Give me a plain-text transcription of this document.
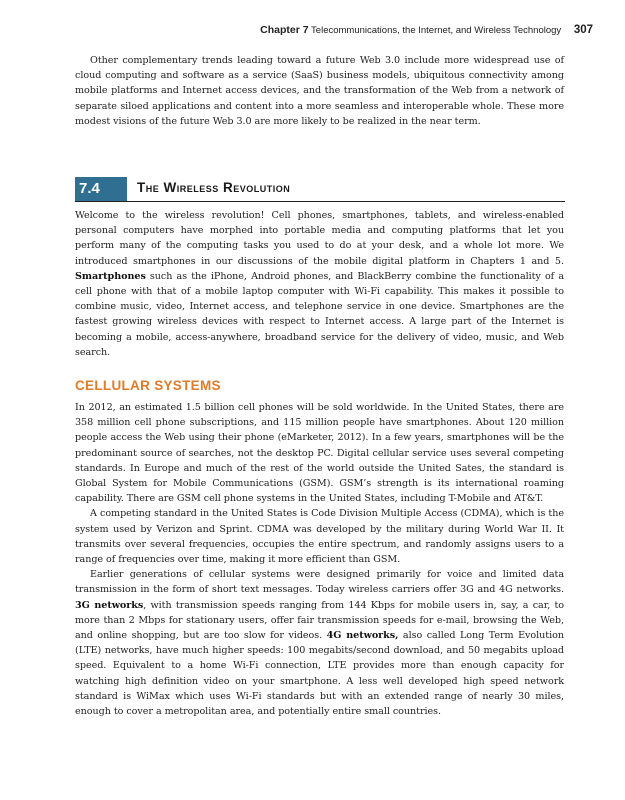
Chapter 7 Telecommunications, the Internet, and Wireless Technology 307

Other complementary trends leading toward a future Web 3.0 include more widespread use of cloud computing and software as a service (SaaS) business models, ubiquitous connectivity among mobile platforms and Internet access devices, and the transformation of the Web from a network of separate siloed applications and content into a more seamless and interoperable whole. These more modest visions of the future Web 3.0 are more likely to be realized in the near term.

7.4	The Wireless Revolution

Welcome to the wireless revolution! Cell phones, smartphones, tablets, and wireless-enabled personal computers have morphed into portable media and computing platforms that let you perform many of the computing tasks you used to do at your desk, and a whole lot more. We introduced smartphones in our discussions of the mobile digital platform in Chapters 1 and 5. Smartphones such as the iPhone, Android phones, and BlackBerry combine the functionality of a cell phone with that of a mobile laptop computer with Wi-Fi capability. This makes it possible to combine music, video, Internet access, and telephone service in one device. Smartphones are the fastest growing wireless devices with respect to Internet access. A large part of the Internet is becoming a mobile, access-anywhere, broadband service for the delivery of video, music, and Web search.

CELLULAR SYSTEMS

In 2012, an estimated 1.5 billion cell phones will be sold worldwide. In the United States, there are 358 million cell phone subscriptions, and 115 million people have smartphones. About 120 million people access the Web using their phone (eMarketer, 2012). In a few years, smartphones will be the predominant source of searches, not the desktop PC. Digital cellular service uses several competing standards. In Europe and much of the rest of the world outside the United Sates, the standard is Global System for Mobile Communications (GSM). GSM’s strength is its international roaming capability. There are GSM cell phone systems in the United States, including T-Mobile and AT&T.

A competing standard in the United States is Code Division Multiple Access (CDMA), which is the system used by Verizon and Sprint. CDMA was developed by the military during World War II. It transmits over several frequencies, occupies the entire spectrum, and randomly assigns users to a range of frequencies over time, making it more efficient than GSM.

Earlier generations of cellular systems were designed primarily for voice and limited data transmission in the form of short text messages. Today wireless carriers offer 3G and 4G networks. 3G networks, with transmission speeds ranging from 144 Kbps for mobile users in, say, a car, to more than 2 Mbps for stationary users, offer fair transmission speeds for e-mail, browsing the Web, and online shopping, but are too slow for videos. 4G networks, also called Long Term Evolution (LTE) networks, have much higher speeds: 100 megabits/second download, and 50 megabits upload speed. Equivalent to a home Wi-Fi connection, LTE provides more than enough capacity for watching high definition video on your smartphone. A less well developed high speed network standard is WiMax which uses Wi-Fi standards but with an extended range of nearly 30 miles, enough to cover a metropolitan area, and potentially entire small countries.
